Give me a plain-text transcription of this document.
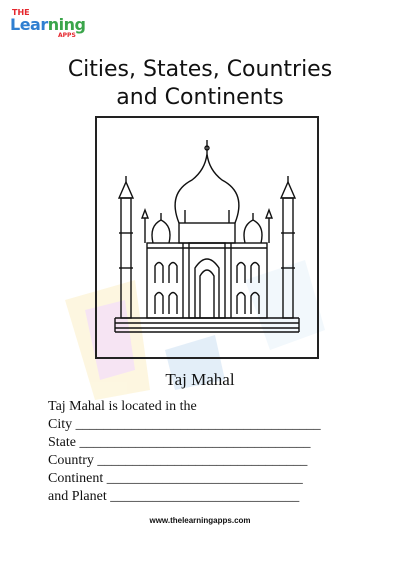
THE
Learning
APPS
Cities, States, Countries
and Continents
Taj Mahal
Taj Mahal is located in the
City ___________________________________
State _________________________________
Country ______________________________
Continent ____________________________
and Planet ___________________________
www.thelearningapps.com
